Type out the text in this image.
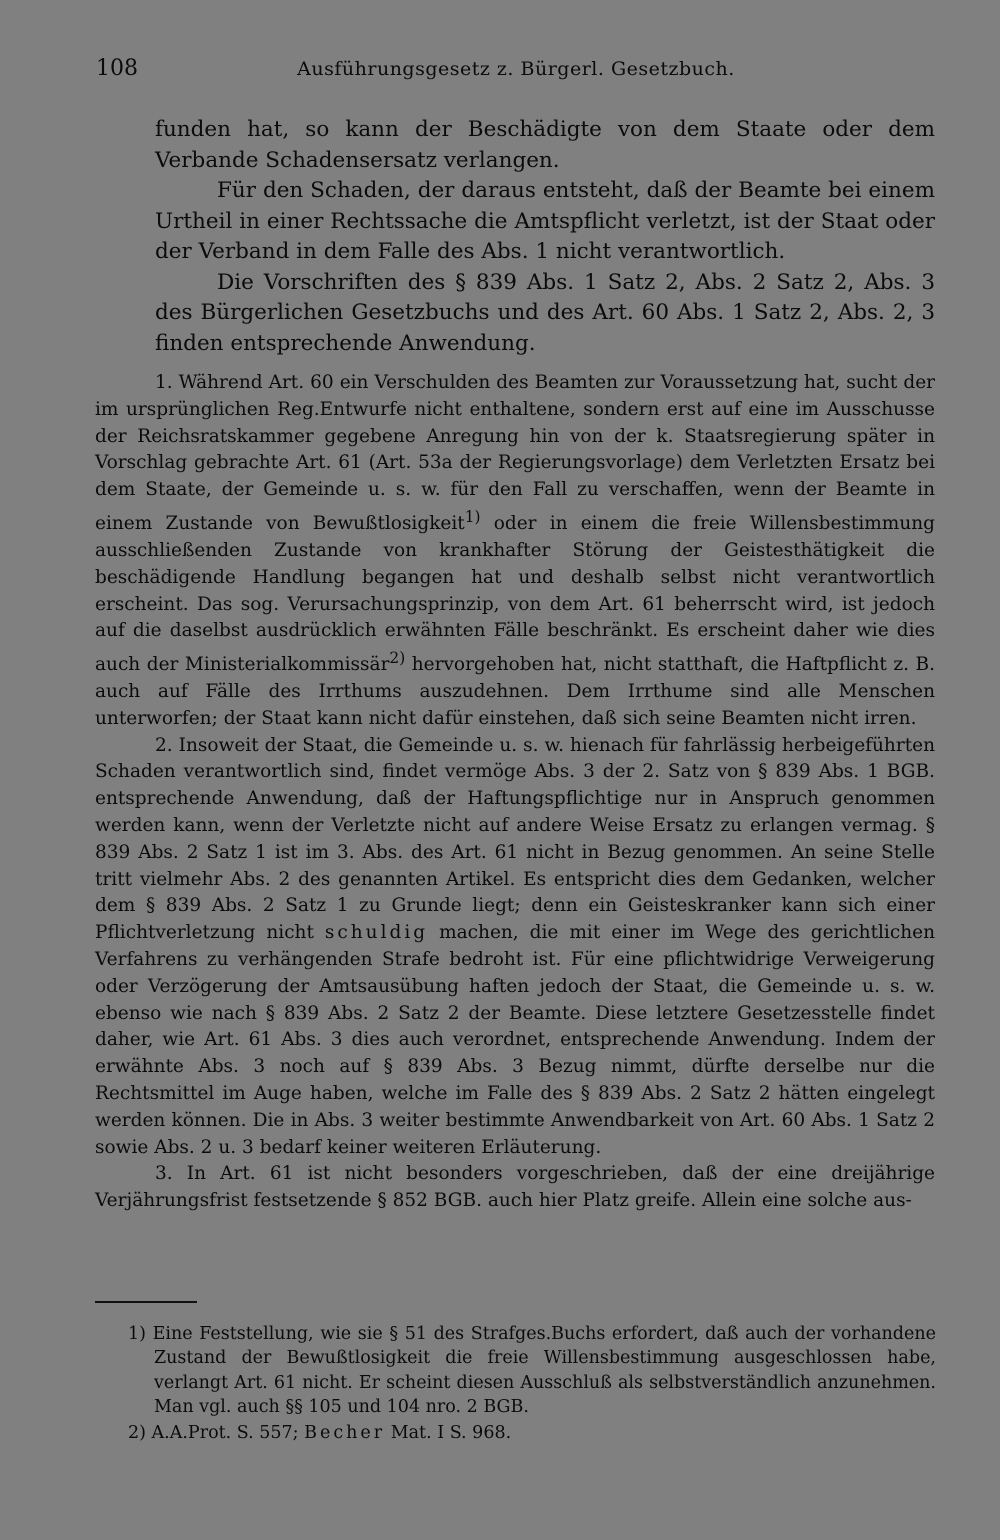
108	Ausführungsgesetz z. Bürgerl. Gesetzbuch.

funden hat, so kann der Beschädigte von dem Staate oder dem Verbande Schadensersatz verlangen.

Für den Schaden, der daraus entsteht, daß der Beamte bei einem Urtheil in einer Rechtssache die Amtspflicht verletzt, ist der Staat oder der Verband in dem Falle des Abs. 1 nicht verantwortlich.

Die Vorschriften des § 839 Abs. 1 Satz 2, Abs. 2 Satz 2, Abs. 3 des Bürgerlichen Gesetzbuchs und des Art. 60 Abs. 1 Satz 2, Abs. 2, 3 finden entsprechende Anwendung.

1. Während Art. 60 ein Verschulden des Beamten zur Voraussetzung hat, sucht der im ursprünglichen Reg.Entwurfe nicht enthaltene, sondern erst auf eine im Ausschusse der Reichsratskammer gegebene Anregung hin von der k. Staatsregierung später in Vorschlag gebrachte Art. 61 (Art. 53a der Regierungsvorlage) dem Verletzten Ersatz bei dem Staate, der Gemeinde u. s. w. für den Fall zu verschaffen, wenn der Beamte in einem Zustande von Bewußtlosigkeit$^{1)}$ oder in einem die freie Willensbestimmung ausschließenden Zustande von krankhafter Störung der Geistesthätigkeit die beschädigende Handlung begangen hat und deshalb selbst nicht verantwortlich erscheint. Das sog. Verursachungsprinzip, von dem Art. 61 beherrscht wird, ist jedoch auf die daselbst ausdrücklich erwähnten Fälle beschränkt. Es erscheint daher wie dies auch der Ministerialkommissär$^{2)}$ hervorgehoben hat, nicht statthaft, die Haftpflicht z. B. auch auf Fälle des Irrthums auszudehnen. Dem Irrthume sind alle Menschen unterworfen; der Staat kann nicht dafür einstehen, daß sich seine Beamten nicht irren.

2. Insoweit der Staat, die Gemeinde u. s. w. hienach für fahrlässig herbeigeführten Schaden verantwortlich sind, findet vermöge Abs. 3 der 2. Satz von § 839 Abs. 1 BGB. entsprechende Anwendung, daß der Haftungspflichtige nur in Anspruch genommen werden kann, wenn der Verletzte nicht auf andere Weise Ersatz zu erlangen vermag. § 839 Abs. 2 Satz 1 ist im 3. Abs. des Art. 61 nicht in Bezug genommen. An seine Stelle tritt vielmehr Abs. 2 des genannten Artikel. Es entspricht dies dem Gedanken, welcher dem § 839 Abs. 2 Satz 1 zu Grunde liegt; denn ein Geisteskranker kann sich einer Pflichtverletzung nicht schuldig machen, die mit einer im Wege des gerichtlichen Verfahrens zu verhängenden Strafe bedroht ist. Für eine pflichtwidrige Verweigerung oder Verzögerung der Amtsausübung haften jedoch der Staat, die Gemeinde u. s. w. ebenso wie nach § 839 Abs. 2 Satz 2 der Beamte. Diese letztere Gesetzesstelle findet daher, wie Art. 61 Abs. 3 dies auch verordnet, entsprechende Anwendung. Indem der erwähnte Abs. 3 noch auf § 839 Abs. 3 Bezug nimmt, dürfte derselbe nur die Rechtsmittel im Auge haben, welche im Falle des § 839 Abs. 2 Satz 2 hätten eingelegt werden können. Die in Abs. 3 weiter bestimmte Anwendbarkeit von Art. 60 Abs. 1 Satz 2 sowie Abs. 2 u. 3 bedarf keiner weiteren Erläuterung.

3. In Art. 61 ist nicht besonders vorgeschrieben, daß der eine dreijährige Verjährungsfrist festsetzende § 852 BGB. auch hier Platz greife. Allein eine solche aus-

1) Eine Feststellung, wie sie § 51 des Strafges.Buchs erfordert, daß auch der vorhandene Zustand der Bewußtlosigkeit die freie Willensbestimmung ausgeschlossen habe, verlangt Art. 61 nicht. Er scheint diesen Ausschluß als selbstverständlich anzunehmen. Man vgl. auch §§ 105 und 104 nro. 2 BGB.

2) A.A.Prot. S. 557; Becher Mat. I S. 968.
